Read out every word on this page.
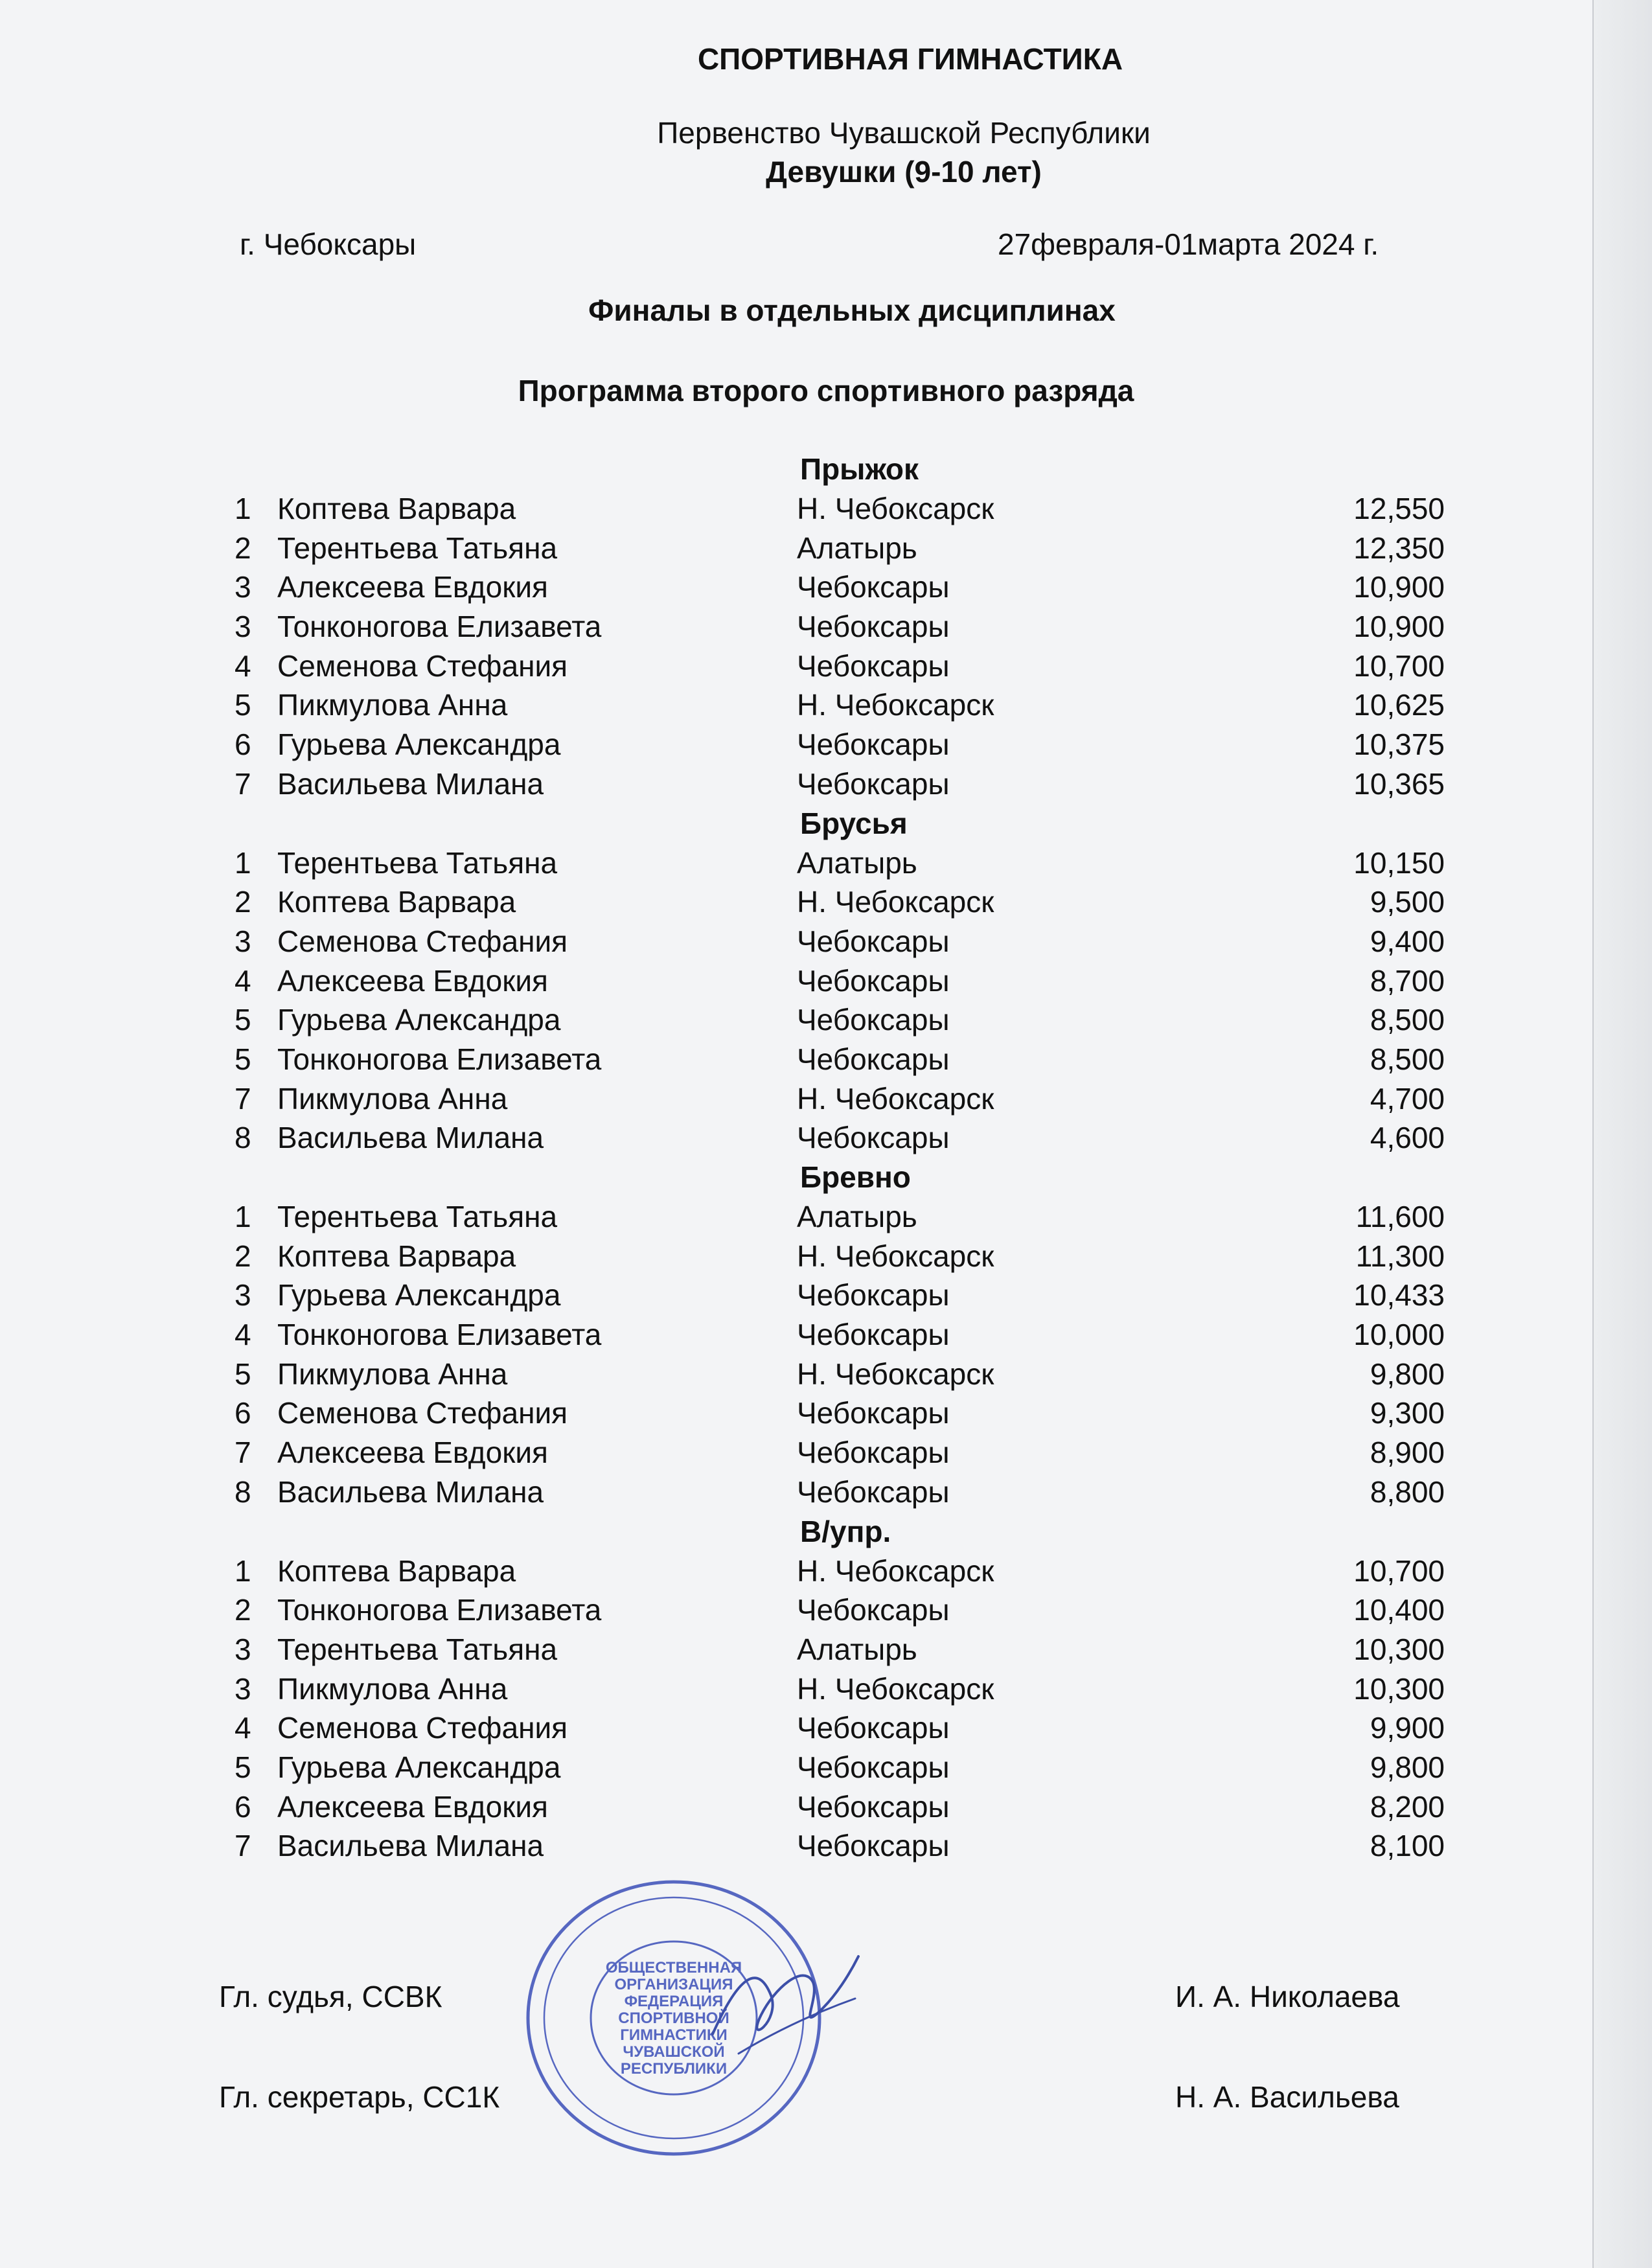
СПОРТИВНАЯ ГИМНАСТИКА
Первенство Чувашской Республики
Девушки (9-10 лет)
г. Чебоксары	27февраля-01марта 2024 г.
Финалы в отдельных дисциплинах
Программа второго спортивного разряда
Прыжок
1 Коптева Варвара	Н. Чебоксарск	12,550
2 Терентьева Татьяна	Алатырь	12,350
3 Алексеева Евдокия	Чебоксары	10,900
3 Тонконогова Елизавета	Чебоксары	10,900
4 Семенова Стефания	Чебоксары	10,700
5 Пикмулова Анна	Н. Чебоксарск	10,625
6 Гурьева Александра	Чебоксары	10,375
7 Васильева Милана	Чебоксары	10,365
Брусья
1 Терентьева Татьяна	Алатырь	10,150
2 Коптева Варвара	Н. Чебоксарск	9,500
3 Семенова Стефания	Чебоксары	9,400
4 Алексеева Евдокия	Чебоксары	8,700
5 Гурьева Александра	Чебоксары	8,500
5 Тонконогова Елизавета	Чебоксары	8,500
7 Пикмулова Анна	Н. Чебоксарск	4,700
8 Васильева Милана	Чебоксары	4,600
Бревно
1 Терентьева Татьяна	Алатырь	11,600
2 Коптева Варвара	Н. Чебоксарск	11,300
3 Гурьева Александра	Чебоксары	10,433
4 Тонконогова Елизавета	Чебоксары	10,000
5 Пикмулова Анна	Н. Чебоксарск	9,800
6 Семенова Стефания	Чебоксары	9,300
7 Алексеева Евдокия	Чебоксары	8,900
8 Васильева Милана	Чебоксары	8,800
В/упр.
1 Коптева Варвара	Н. Чебоксарск	10,700
2 Тонконогова Елизавета	Чебоксары	10,400
3 Терентьева Татьяна	Алатырь	10,300
3 Пикмулова Анна	Н. Чебоксарск	10,300
4 Семенова Стефания	Чебоксары	9,900
5 Гурьева Александра	Чебоксары	9,800
6 Алексеева Евдокия	Чебоксары	8,200
7 Васильева Милана	Чебоксары	8,100
Гл. судья, ССВК	И. А. Николаева
Гл. секретарь, СС1К	Н. А. Васильева
ОБЩЕСТВЕННАЯ
ОРГАНИЗАЦИЯ
ФЕДЕРАЦИЯ
СПОРТИВНОЙ
ГИМНАСТИКИ
ЧУВАШСКОЙ
РЕСПУБЛИКИ
